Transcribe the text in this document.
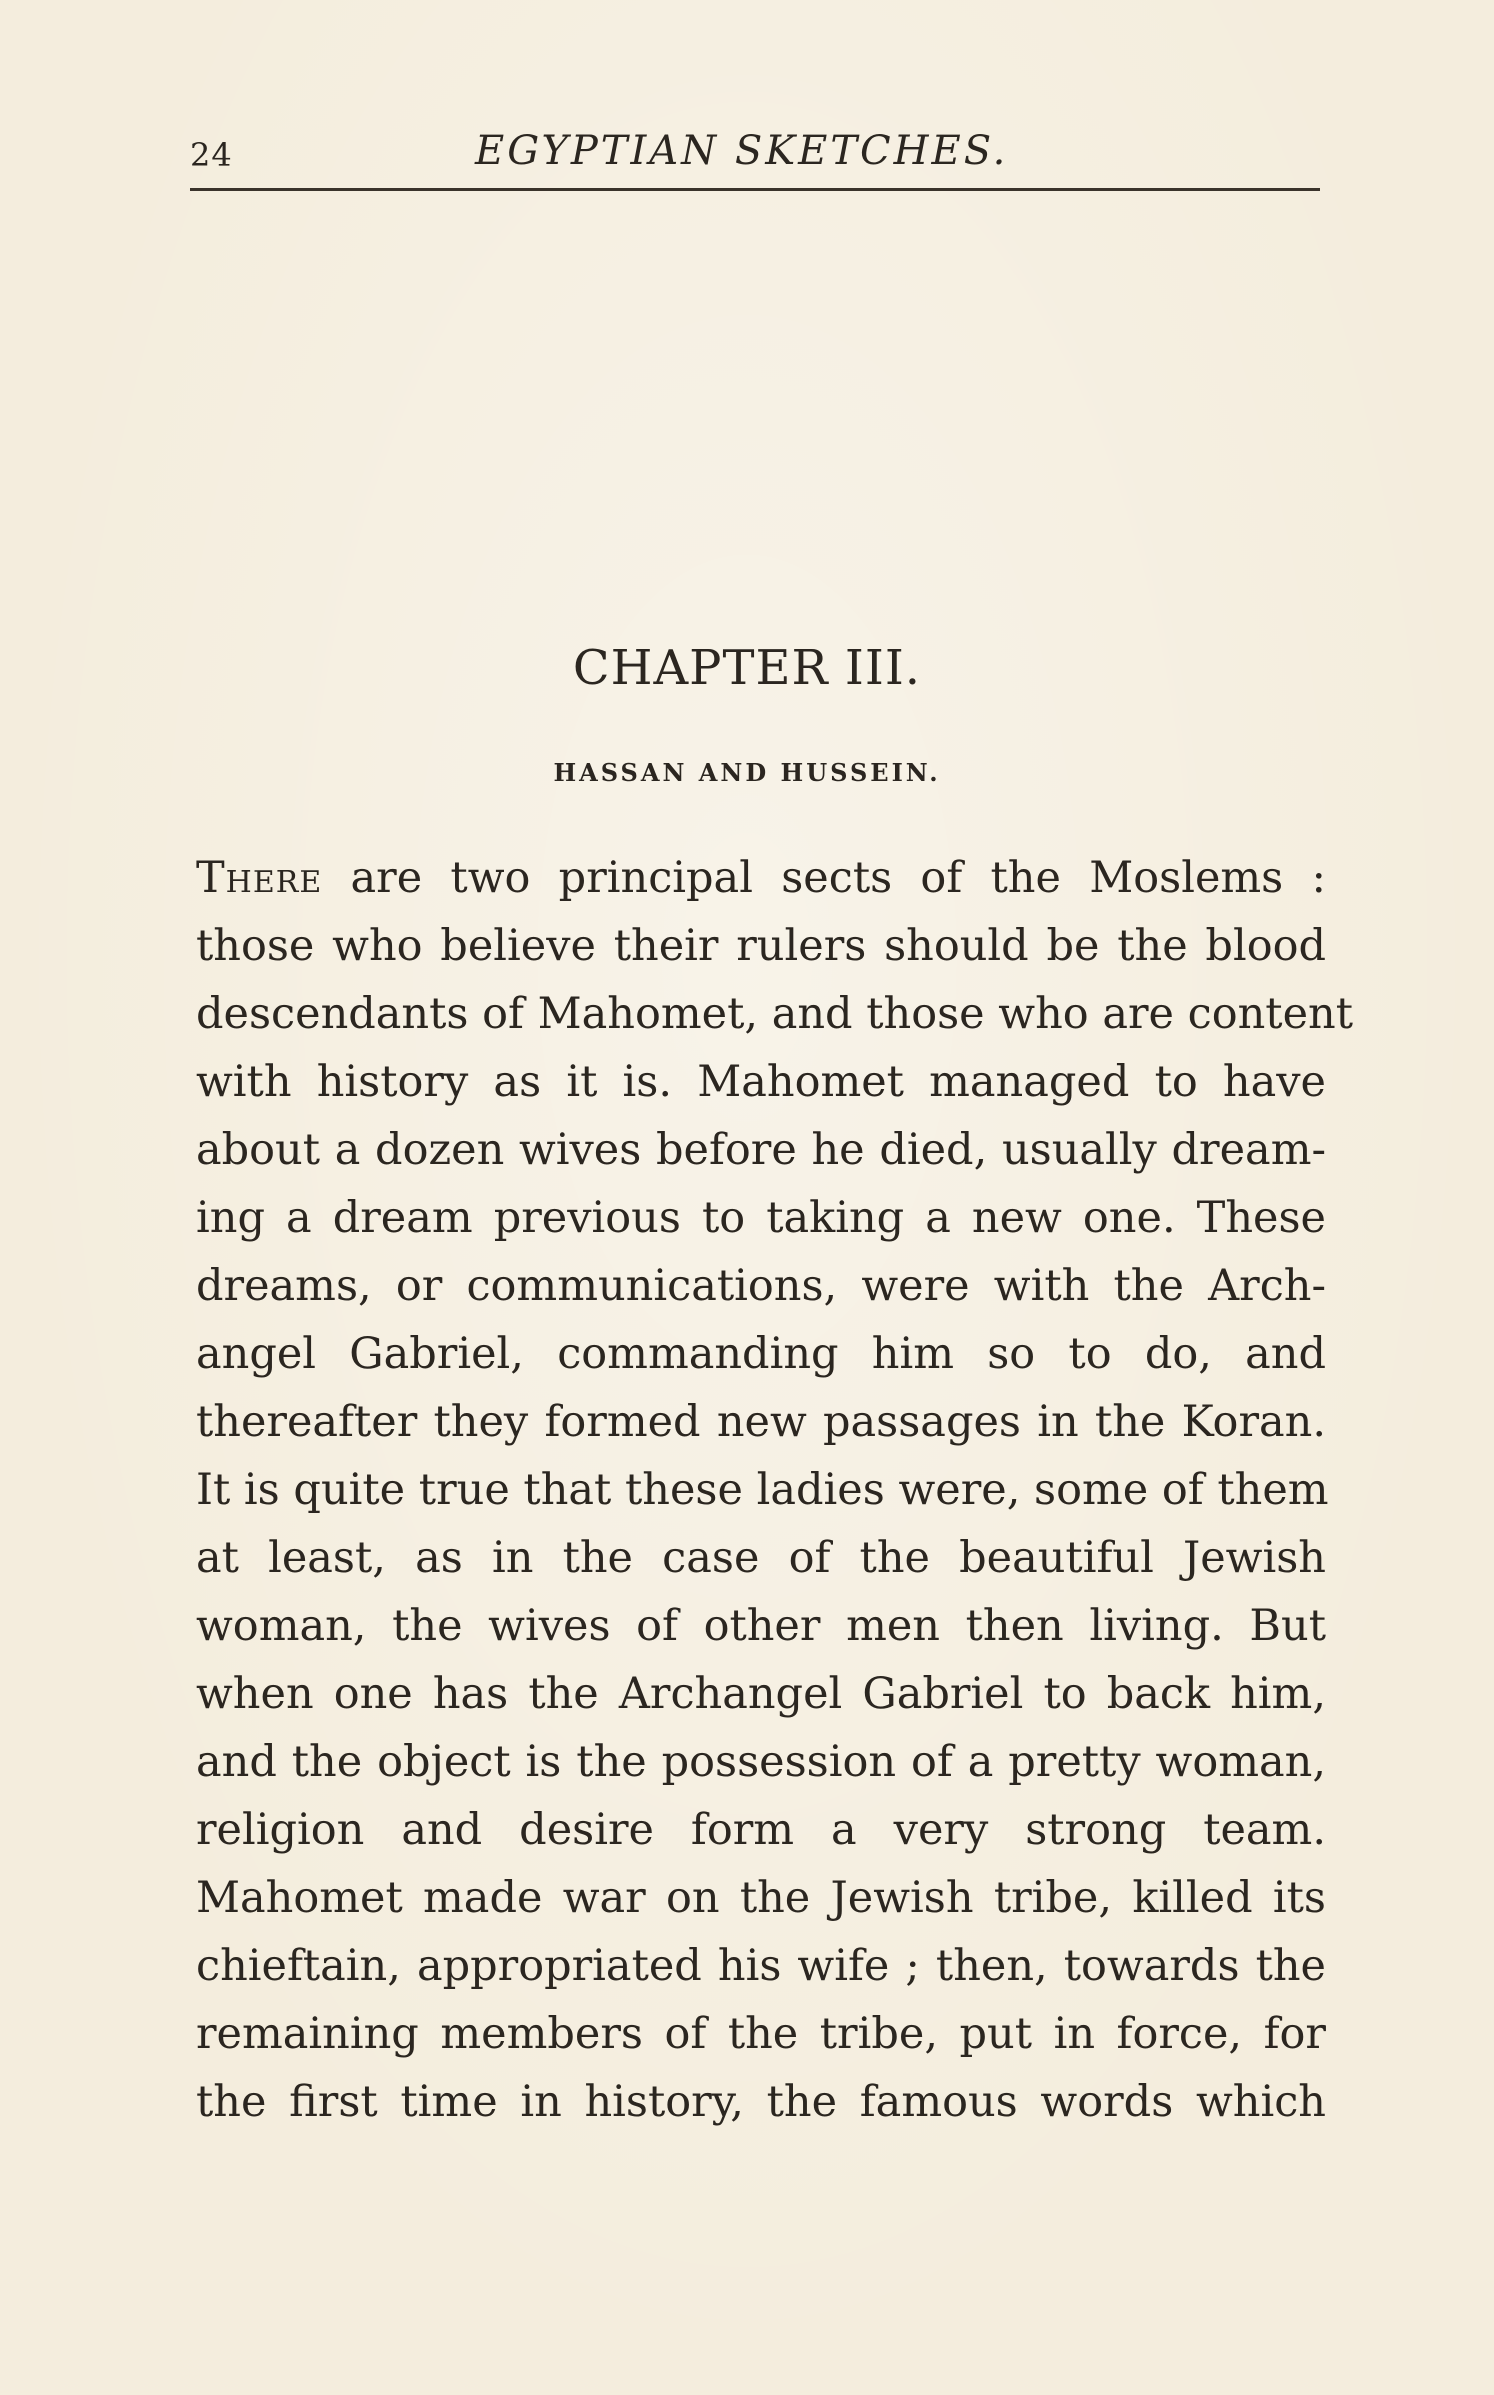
24	EGYPTIAN SKETCHES.
CHAPTER III.
HASSAN AND HUSSEIN.
There are two principal sects of the Moslems :
those who believe their rulers should be the blood
descendants of Mahomet, and those who are content
with history as it is. Mahomet managed to have
about a dozen wives before he died, usually dream-
ing a dream previous to taking a new one. These
dreams, or communications, were with the Arch-
angel Gabriel, commanding him so to do, and
thereafter they formed new passages in the Koran.
It is quite true that these ladies were, some of them
at least, as in the case of the beautiful Jewish
woman, the wives of other men then living. But
when one has the Archangel Gabriel to back him,
and the object is the possession of a pretty woman,
religion and desire form a very strong team.
Mahomet made war on the Jewish tribe, killed its
chieftain, appropriated his wife ; then, towards the
remaining members of the tribe, put in force, for
the first time in history, the famous words which
